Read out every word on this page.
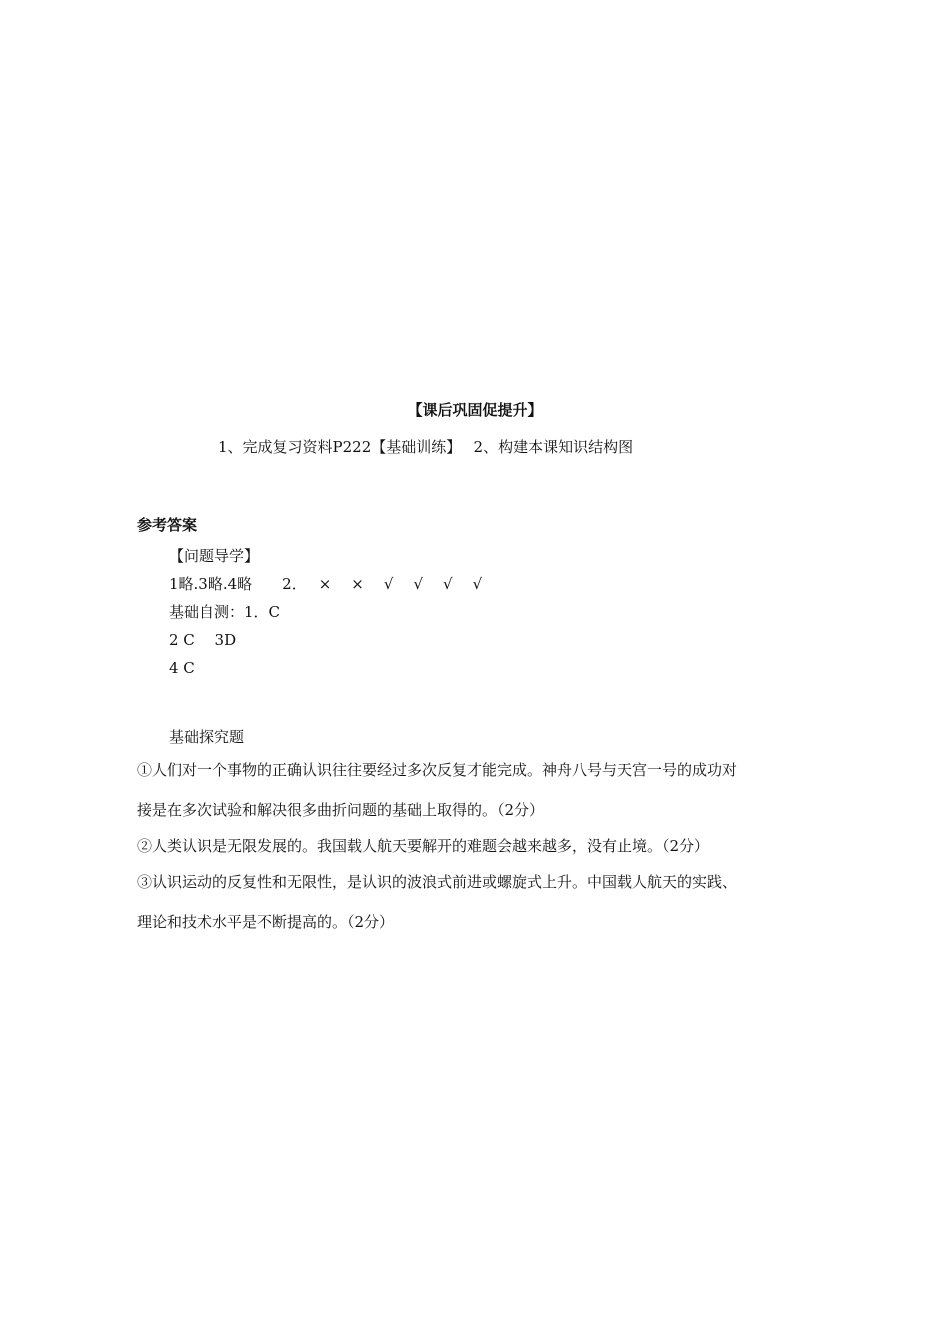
【课后巩固促提升】
1、完成复习资料P222【基础训练】　 2、构建本课知识结构图
参考答案
【问题导学】
1略.3略.4略　　2． × × √ √ √ √
基础自测：1．C
2 C　 3D
4 C
基础探究题
①人们对一个事物的正确认识往往要经过多次反复才能完成。神舟八号与天宫一号的成功对
接是在多次试验和解决很多曲折问题的基础上取得的。（2分）
②人类认识是无限发展的。我国载人航天要解开的难题会越来越多，没有止境。（2分）
③认识运动的反复性和无限性，是认识的波浪式前进或螺旋式上升。中国载人航天的实践、
理论和技术水平是不断提高的。（2分）
